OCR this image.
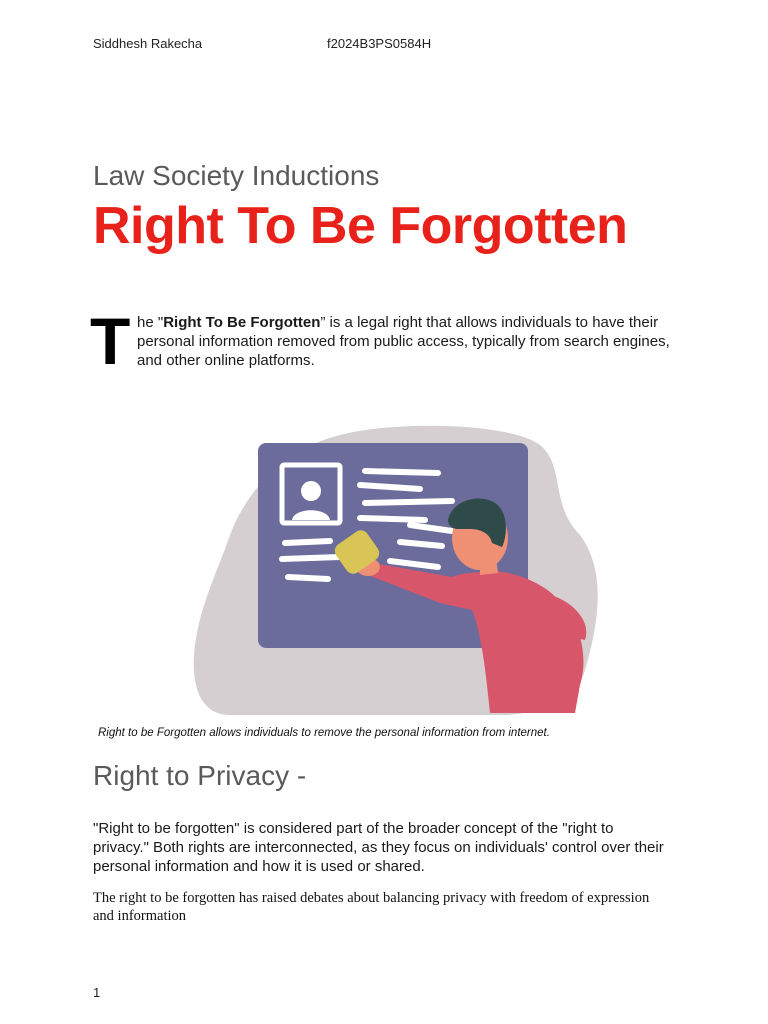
Siddhesh Rakecha	f2024B3PS0584H
Law Society Inductions
Right To Be Forgotten
T he "Right To Be Forgotten” is a legal right that allows individuals to have their personal information removed from public access, typically from search engines, and other online platforms.

Right to be Forgotten allows individuals to remove the personal information from internet.
Right to Privacy -

"Right to be forgotten" is considered part of the broader concept of the "right to privacy." Both rights are interconnected, as they focus on individuals' control over their personal information and how it is used or shared.

The right to be forgotten has raised debates about balancing privacy with freedom of expression and information

1
